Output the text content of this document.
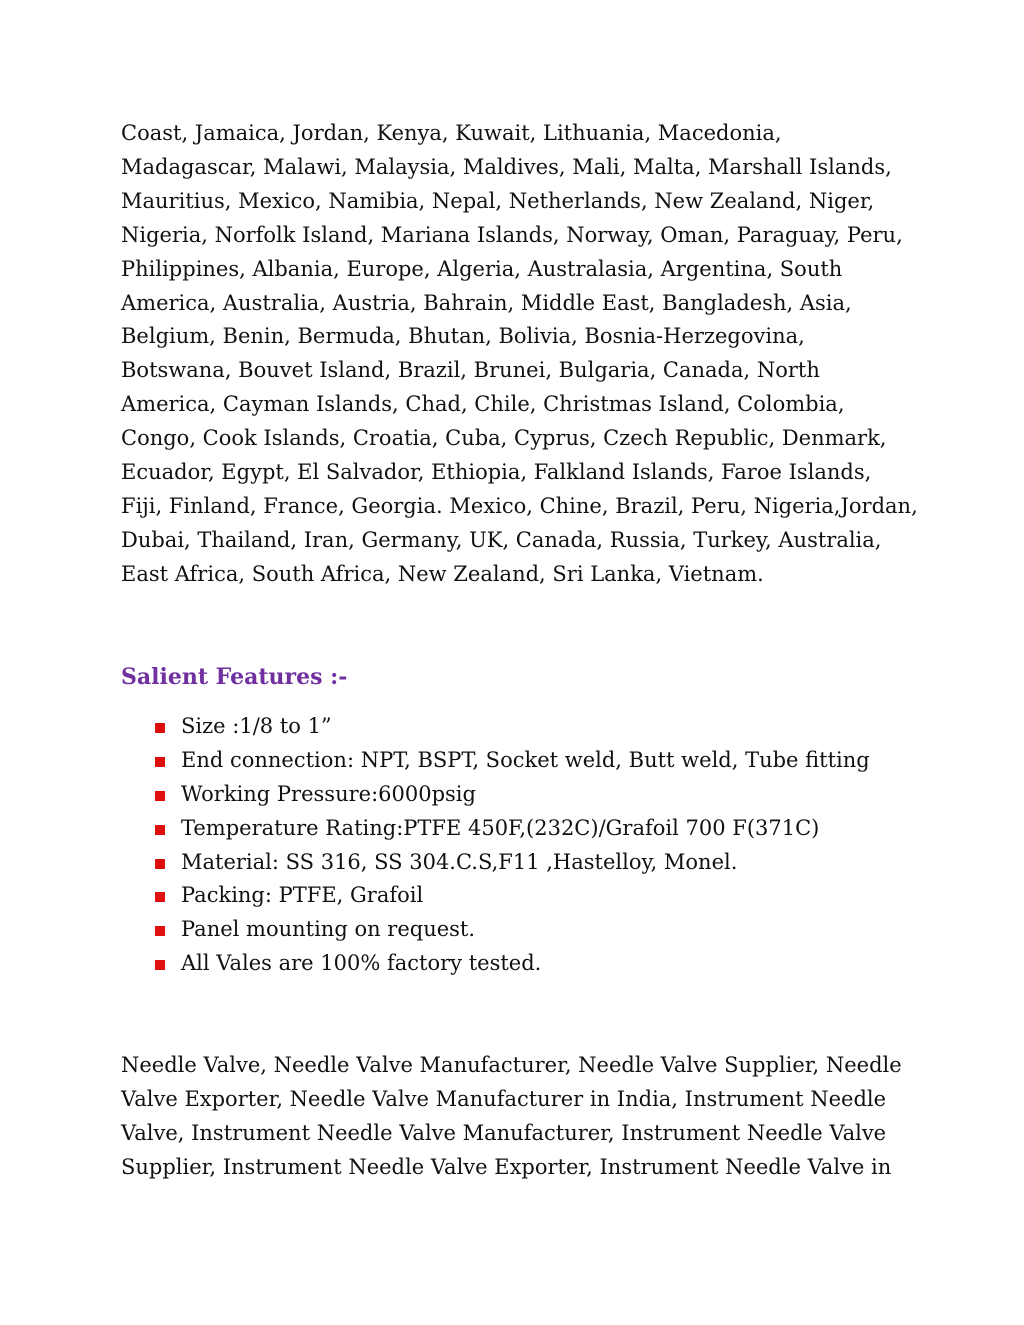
Coast, Jamaica, Jordan, Kenya, Kuwait, Lithuania, Macedonia,
Madagascar, Malawi, Malaysia, Maldives, Mali, Malta, Marshall Islands,
Mauritius, Mexico, Namibia, Nepal, Netherlands, New Zealand, Niger,
Nigeria, Norfolk Island, Mariana Islands, Norway, Oman, Paraguay, Peru,
Philippines, Albania, Europe, Algeria, Australasia, Argentina, South
America, Australia, Austria, Bahrain, Middle East, Bangladesh, Asia,
Belgium, Benin, Bermuda, Bhutan, Bolivia, Bosnia-Herzegovina,
Botswana, Bouvet Island, Brazil, Brunei, Bulgaria, Canada, North
America, Cayman Islands, Chad, Chile, Christmas Island, Colombia,
Congo, Cook Islands, Croatia, Cuba, Cyprus, Czech Republic, Denmark,
Ecuador, Egypt, El Salvador, Ethiopia, Falkland Islands, Faroe Islands,
Fiji, Finland, France, Georgia. Mexico, Chine, Brazil, Peru, Nigeria,Jordan,
Dubai, Thailand, Iran, Germany, UK, Canada, Russia, Turkey, Australia,
East Africa, South Africa, New Zealand, Sri Lanka, Vietnam.

Salient Features :-
Size :1/8 to 1”
End connection: NPT, BSPT, Socket weld, Butt weld, Tube fitting
Working Pressure:6000psig
Temperature Rating:PTFE 450F,(232C)/Grafoil 700 F(371C)
Material: SS 316, SS 304.C.S,F11 ,Hastelloy, Monel.
Packing: PTFE, Grafoil
Panel mounting on request.
All Vales are 100% factory tested.

Needle Valve, Needle Valve Manufacturer, Needle Valve Supplier, Needle
Valve Exporter, Needle Valve Manufacturer in India, Instrument Needle
Valve, Instrument Needle Valve Manufacturer, Instrument Needle Valve
Supplier, Instrument Needle Valve Exporter, Instrument Needle Valve in
